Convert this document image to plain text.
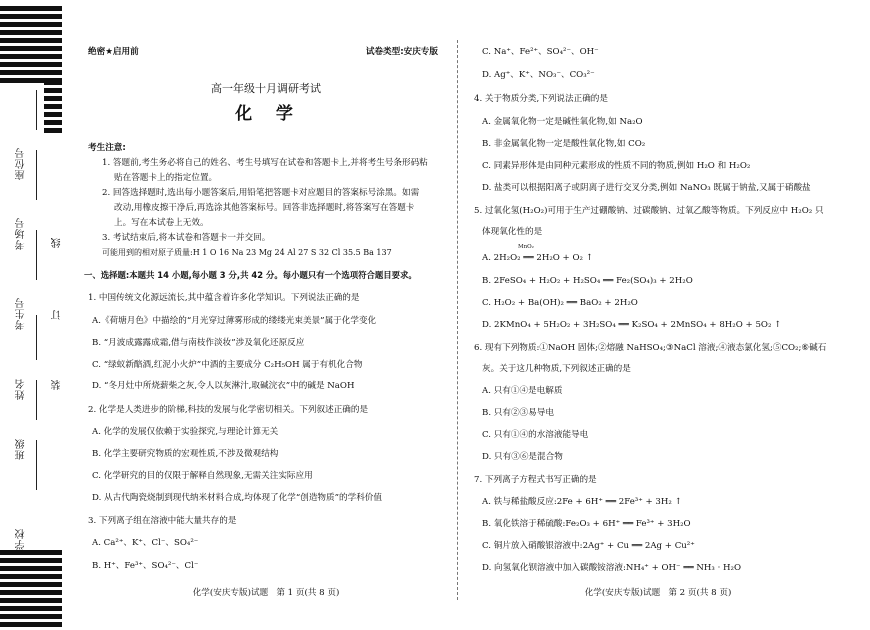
学校
班级
姓名
考生号
考场号
座位号
装
订
线
绝密★启用前	试卷类型:安庆专版
高一年级十月调研考试
化  学
考生注意:
1. 答题前,考生务必将自己的姓名、考生号填写在试卷和答题卡上,并将考生号条形码粘
贴在答题卡上的指定位置。
2. 回答选择题时,选出每小题答案后,用铅笔把答题卡对应题目的答案标号涂黑。如需
改动,用橡皮擦干净后,再选涂其他答案标号。回答非选择题时,将答案写在答题卡
上。写在本试卷上无效。
3. 考试结束后,将本试卷和答题卡一并交回。
可能用到的相对原子质量:H 1 O 16 Na 23 Mg 24 Al 27 S 32 Cl 35.5 Ba 137
一、选择题:本题共 14 小题,每小题 3 分,共 42 分。每小题只有一个选项符合题目要求。
1. 中国传统文化源远流长,其中蕴含着许多化学知识。下列说法正确的是
A.《荷塘月色》中描绘的“月光穿过薄雾形成的缕缕光束美景”属于化学变化
B. “月波成露露成霜,借与南枝作淡妆”涉及氧化还原反应
C. “绿蚁新醅酒,红泥小火炉”中酒的主要成分 C₂H₅OH 属于有机化合物
D. “冬月灶中所烧薪柴之灰,令人以灰淋汁,取碱浣衣”中的碱是 NaOH
2. 化学是人类进步的阶梯,科技的发展与化学密切相关。下列叙述正确的是
A. 化学的发展仅依赖于实验探究,与理论计算无关
B. 化学主要研究物质的宏观性质,不涉及微观结构
C. 化学研究的目的仅限于解释自然现象,无需关注实际应用
D. 从古代陶瓷烧制到现代纳米材料合成,均体现了化学“创造物质”的学科价值
3. 下列离子组在溶液中能大量共存的是
A. Ca²⁺、K⁺、Cl⁻、SO₄²⁻
B. H⁺、Fe³⁺、SO₄²⁻、Cl⁻
化学(安庆专版)试题   第 1 页(共 8 页)
C. Na⁺、Fe²⁺、SO₄²⁻、OH⁻
D. Ag⁺、K⁺、NO₃⁻、CO₃²⁻
4. 关于物质分类,下列说法正确的是
A. 金属氧化物一定是碱性氧化物,如 Na₂O
B. 非金属氧化物一定是酸性氧化物,如 CO₂
C. 同素异形体是由同种元素形成的性质不同的物质,例如 H₂O 和 H₂O₂
D. 盐类可以根据阳离子或阴离子进行交叉分类,例如 NaNO₃ 既属于钠盐,又属于硝酸盐
5. 过氧化氢(H₂O₂)可用于生产过硼酸钠、过碳酸钠、过氧乙酸等物质。下列反应中 H₂O₂ 只
体现氧化性的是
MnO₂
A. 2H₂O₂ ══ 2H₂O + O₂ ↑
B. 2FeSO₄ + H₂O₂ + H₂SO₄ ══ Fe₂(SO₄)₃ + 2H₂O
C. H₂O₂ + Ba(OH)₂ ══ BaO₂ + 2H₂O
D. 2KMnO₄ + 5H₂O₂ + 3H₂SO₄ ══ K₂SO₄ + 2MnSO₄ + 8H₂O + 5O₂ ↑
6. 现有下列物质:①NaOH 固体;②熔融 NaHSO₄;③NaCl 溶液;④液态氯化氢;⑤CO₂;⑥碱石
灰。关于这几种物质,下列叙述正确的是
A. 只有①④是电解质
B. 只有②③易导电
C. 只有①④的水溶液能导电
D. 只有③⑥是混合物
7. 下列离子方程式书写正确的是
A. 铁与稀盐酸反应:2Fe + 6H⁺ ══ 2Fe³⁺ + 3H₂ ↑
B. 氧化铁溶于稀硫酸:Fe₂O₃ + 6H⁺ ══ Fe³⁺ + 3H₂O
C. 铜片放入硝酸银溶液中:2Ag⁺ + Cu ══ 2Ag + Cu²⁺
D. 向氢氧化钡溶液中加入碳酸铵溶液:NH₄⁺ + OH⁻ ══ NH₃ · H₂O
化学(安庆专版)试题   第 2 页(共 8 页)
